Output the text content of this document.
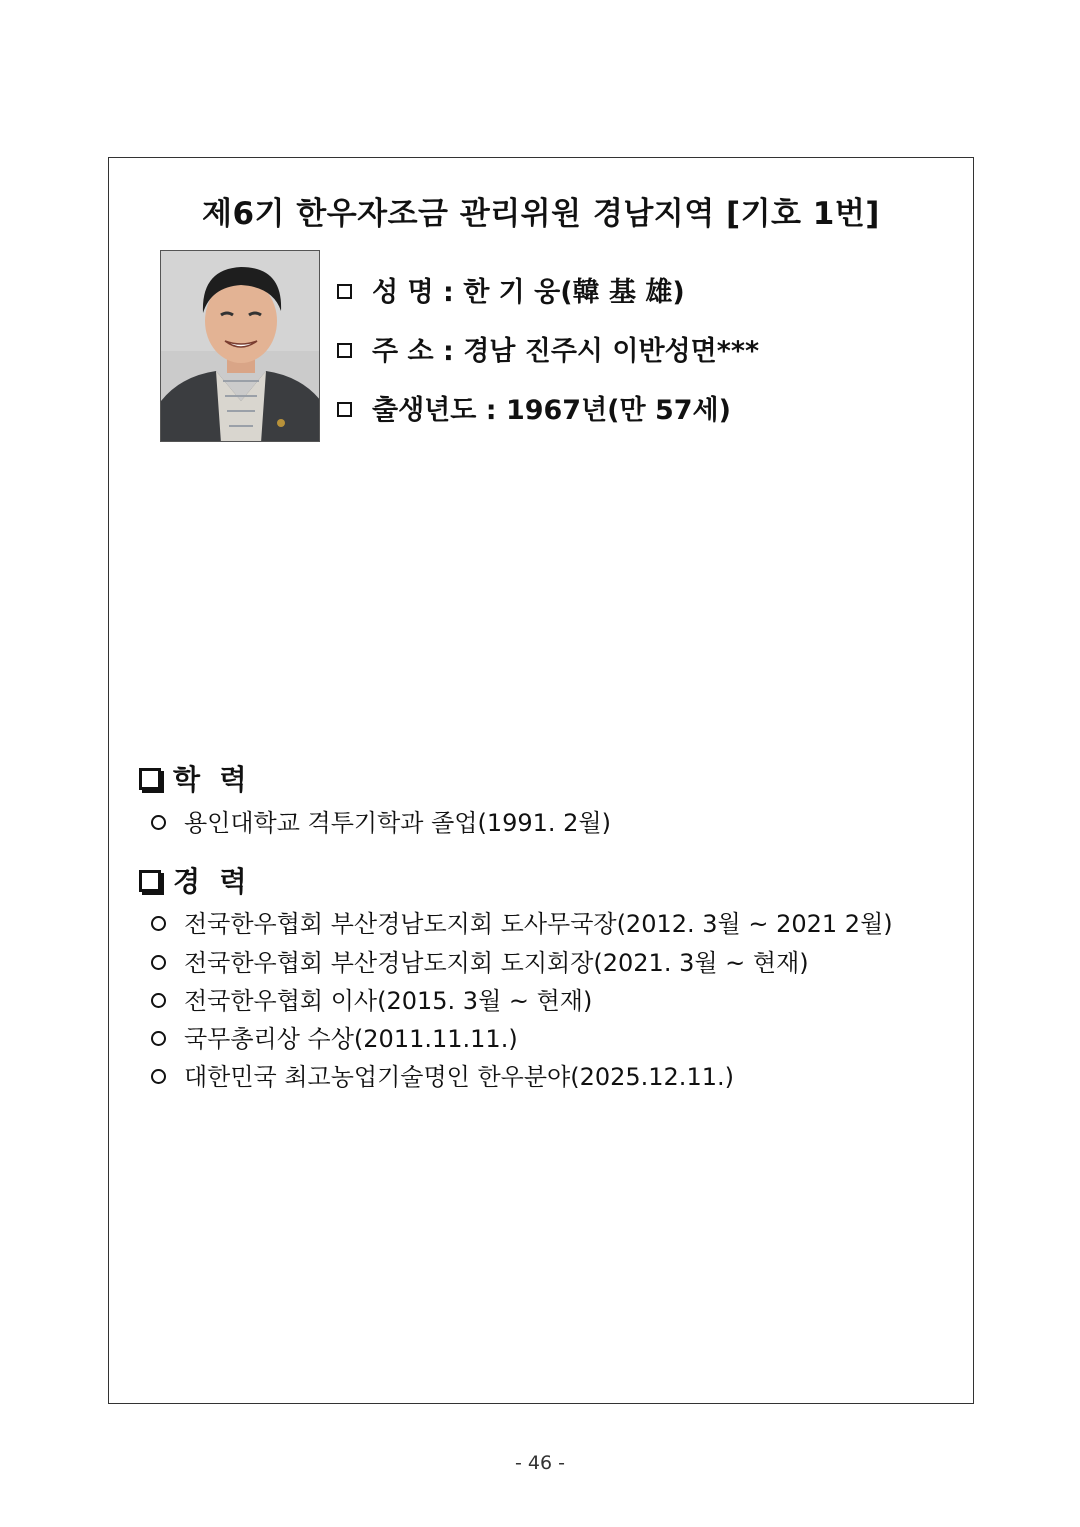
제6기 한우자조금 관리위원 경남지역 [기호 1번]
성 명 : 한 기 웅(韓 基 雄)
주 소 : 경남 진주시 이반성면***
출생년도 : 1967년(만 57세)
학  력
용인대학교 격투기학과 졸업(1991. 2월)
경  력
전국한우협회 부산경남도지회 도사무국장(2012. 3월 ~ 2021 2월)
전국한우협회 부산경남도지회 도지회장(2021. 3월 ~ 현재)
전국한우협회 이사(2015. 3월 ~ 현재)
국무총리상 수상(2011.11.11.)
대한민국 최고농업기술명인 한우분야(2025.12.11.)
- 46 -
